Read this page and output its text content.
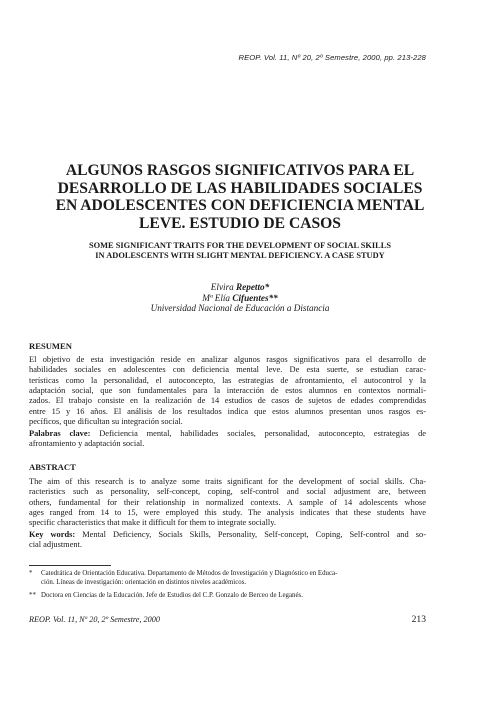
REOP. Vol. 11, Nº 20, 2º Semestre, 2000, pp. 213-228
ALGUNOS RASGOS SIGNIFICATIVOS PARA EL
DESARROLLO DE LAS HABILIDADES SOCIALES
EN ADOLESCENTES CON DEFICIENCIA MENTAL
LEVE. ESTUDIO DE CASOS
SOME SIGNIFICANT TRAITS FOR THE DEVELOPMENT OF SOCIAL SKILLS
IN ADOLESCENTS WITH SLIGHT MENTAL DEFICIENCY. A CASE STUDY
Elvira Repetto*
Mª Elía Cifuentes**
Universidad Nacional de Educación a Distancia
RESUMEN
El objetivo de esta investigación reside en analizar algunos rasgos significativos para el desarrollo de
habilidades sociales en adolescentes con deficiencia mental leve. De esta suerte, se estudian carac-
terísticas como la personalidad, el autoconcepto, las estrategias de afrontamiento, el autocontrol y la
adaptación social, que son fundamentales para la interacción de estos alumnos en contextos normali-
zados. El trabajo consiste en la realización de 14 estudios de casos de sujetos de edades comprendidas
entre 15 y 16 años. El análisis de los resultados indica que estos alumnos presentan unos rasgos es-
pecíficos, que dificultan su integración social.
Palabras clave: Deficiencia mental, habilidades sociales, personalidad, autoconcepto, estrategias de
afrontamiento y adaptación social.
ABSTRACT
The aim of this research is to analyze some traits significant for the development of social skills. Cha-
racteristics such as personality, self-concept, coping, self-control and social adjustment are, between
others, fundamental for their relationship in normalized contexts. A sample of 14 adolescents whose
ages ranged from 14 to 15, were employed this study. The analysis indicates that these students have
specific characteristics that make it difficult for them to integrate socially.
Key words: Mental Deficiency, Socials Skills, Personality, Self-concept, Coping, Self-control and so-
cial adjustment.
* Catedrática de Orientación Educativa. Departamento de Métodos de Investigación y Diagnóstico en Educa-
ción. Líneas de investigación: orientación en distintos niveles académicos.
** Doctora en Ciencias de la Educación. Jefe de Estudios del C.P. Gonzalo de Berceo de Leganés.
REOP. Vol. 11, Nº 20, 2º Semestre, 2000	213
